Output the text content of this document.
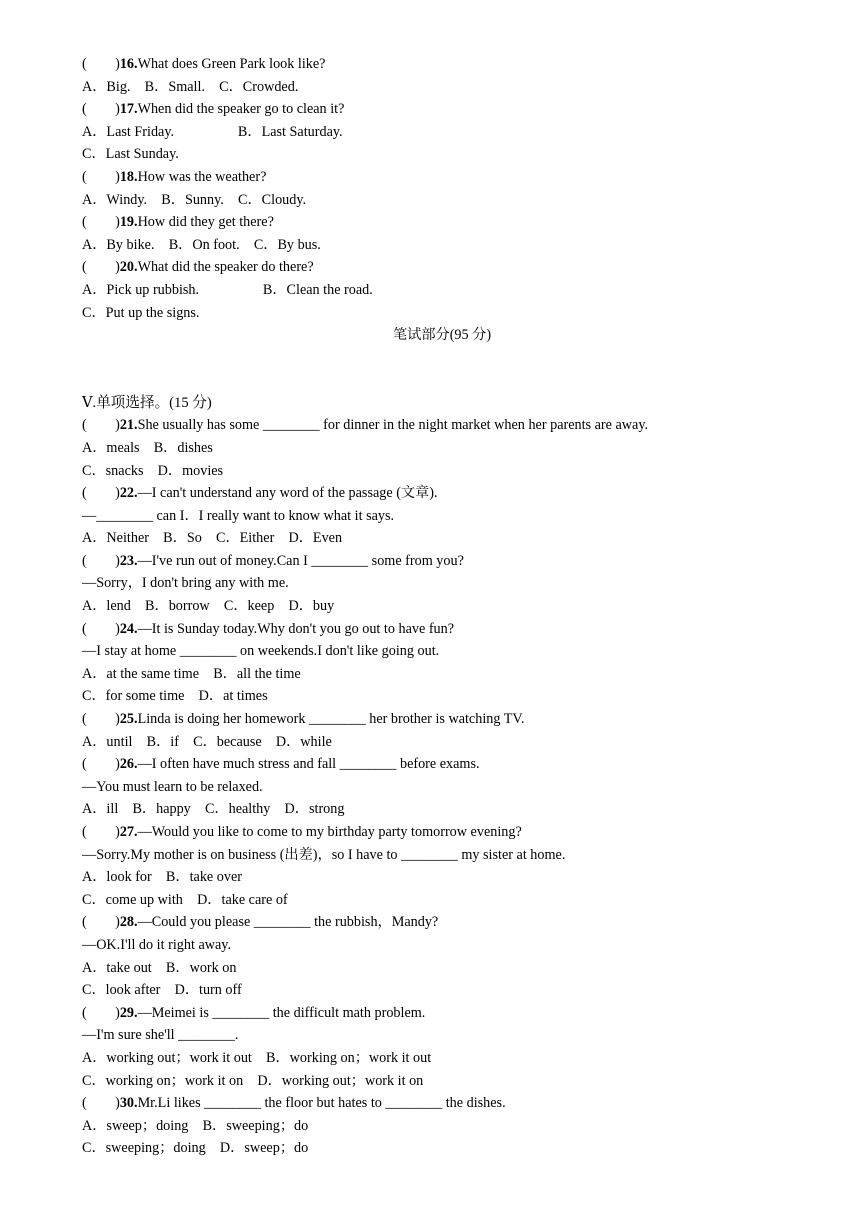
(　　)16.What does Green Park look like?
A．Big.　B．Small.　C．Crowded.
(　　)17.When did the speaker go to clean it?
A．Last Friday.                  B．Last Saturday.
C．Last Sunday.
(　　)18.How was the weather?
A．Windy.　B．Sunny.　C．Cloudy.
(　　)19.How did they get there?
A．By bike.　B．On foot.　C．By bus.
(　　)20.What did the speaker do there?
A．Pick up rubbish.                  B．Clean the road.
C．Put up the signs.
笔试部分(95 分)
Ⅴ.单项选择。(15 分)
(　　)21.She usually has some ________ for dinner in the night market when her parents are away.
A．meals　B．dishes
C．snacks　D．movies
(　　)22.—I can't understand any word of the passage (文章).
—________ can I．I really want to know what it says.
A．Neither　B．So　C．Either　D．Even
(　　)23.—I've run out of money.Can I ________ some from you?
—Sorry，I don't bring any with me.
A．lend　B．borrow　C．keep　D．buy
(　　)24.—It is Sunday today.Why don't you go out to have fun?
—I stay at home ________ on weekends.I don't like going out.
A．at the same time　B．all the time
C．for some time　D．at times
(　　)25.Linda is doing her homework ________ her brother is watching TV.
A．until　B．if　C．because　D．while
(　　)26.—I often have much stress and fall ________ before exams.
—You must learn to be relaxed.
A．ill　B．happy　C．healthy　D．strong
(　　)27.—Would you like to come to my birthday party tomorrow evening?
—Sorry.My mother is on business (出差)，so I have to ________ my sister at home.
A．look for　B．take over
C．come up with　D．take care of
(　　)28.—Could you please ________ the rubbish，Mandy?
—OK.I'll do it right away.
A．take out　B．work on
C．look after　D．turn off
(　　)29.—Meimei is ________ the difficult math problem.
—I'm sure she'll ________.
A．working out；work it out　B．working on；work it out
C．working on；work it on　D．working out；work it on
(　　)30.Mr.Li likes ________ the floor but hates to ________ the dishes.
A．sweep；doing　B．sweeping；do
C．sweeping；doing　D．sweep；do
